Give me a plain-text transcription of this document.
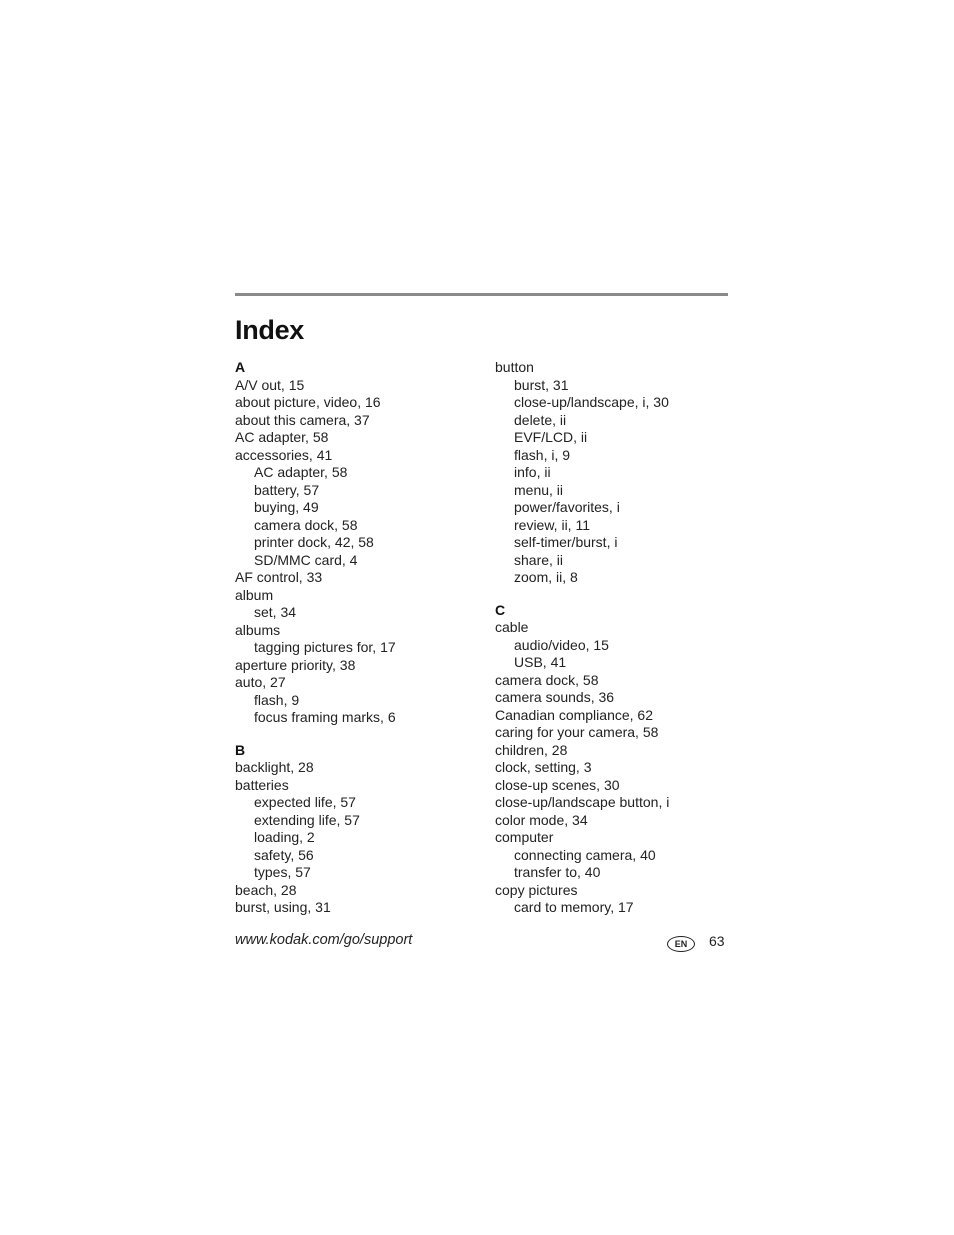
Index
A
A/V out, 15
about picture, video, 16
about this camera, 37
AC adapter, 58
accessories, 41
AC adapter, 58
battery, 57
buying, 49
camera dock, 58
printer dock, 42, 58
SD/MMC card, 4
AF control, 33
album
set, 34
albums
tagging pictures for, 17
aperture priority, 38
auto, 27
flash, 9
focus framing marks, 6
B
backlight, 28
batteries
expected life, 57
extending life, 57
loading, 2
safety, 56
types, 57
beach, 28
burst, using, 31
button
burst, 31
close-up/landscape, i, 30
delete, ii
EVF/LCD, ii
flash, i, 9
info, ii
menu, ii
power/favorites, i
review, ii, 11
self-timer/burst, i
share, ii
zoom, ii, 8
C
cable
audio/video, 15
USB, 41
camera dock, 58
camera sounds, 36
Canadian compliance, 62
caring for your camera, 58
children, 28
clock, setting, 3
close-up scenes, 30
close-up/landscape button, i
color mode, 34
computer
connecting camera, 40
transfer to, 40
copy pictures
card to memory, 17
www.kodak.com/go/support	EN	63
